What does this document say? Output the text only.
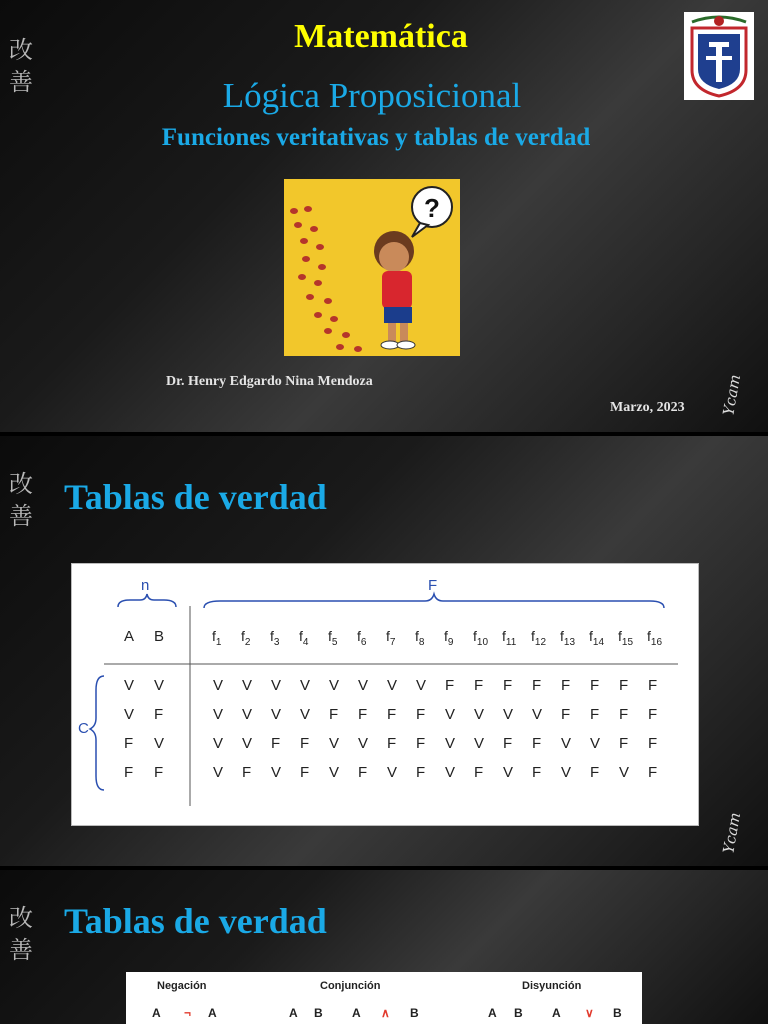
改
善
Matemática
Lógica Proposicional
Funciones veritativas y tablas de verdad
?
Dr. Henry Edgardo Nina Mendoza
Marzo, 2023 Ycam
改
善 Tablas de verdad
Ycam
n	F
C
A B	$f_1$ $f_2$ $f_3$ $f_4$ $f_5$ $f_6$ $f_7$ $f_8$ $f_9$ $f_{10}$ $f_{11}$ $f_{12}$ $f_{13}$ $f_{14}$ $f_{15}$ $f_{16}$
V V	V V V V V V V V F F F F F F F F
V F	V V V V F F F F V V V V F F F F
F V	V V F F V V F F V V F F V V F F
F F	V F V F V F V F V F V F V F V F
改
善
Tablas de verdad
Negación
A ¬ A
Conjunción
A B A ∧ B
Disyunción
A B A ∨ B
